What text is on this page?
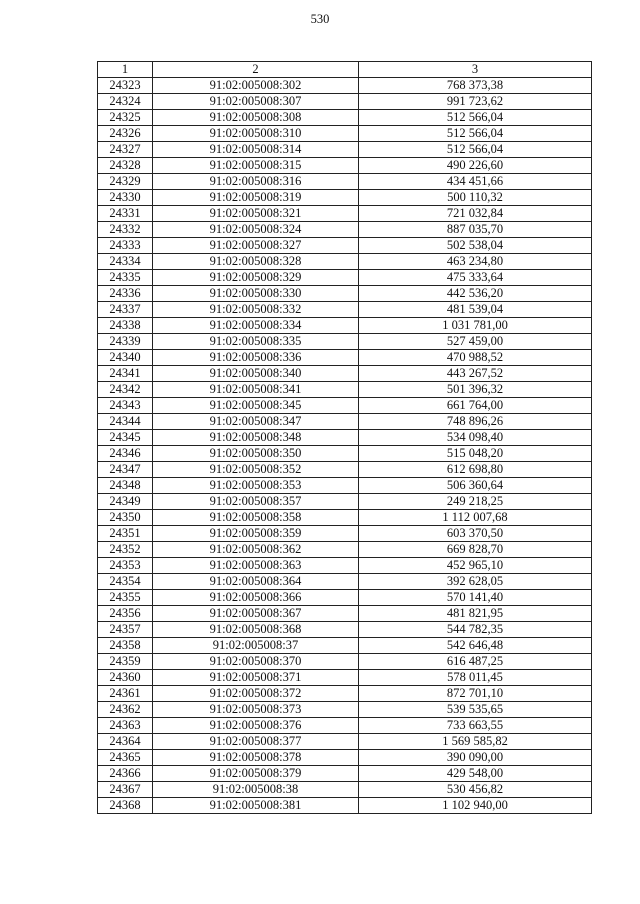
530
1	2	3
24323	91:02:005008:302	768 373,38
24324	91:02:005008:307	991 723,62
24325	91:02:005008:308	512 566,04
24326	91:02:005008:310	512 566,04
24327	91:02:005008:314	512 566,04
24328	91:02:005008:315	490 226,60
24329	91:02:005008:316	434 451,66
24330	91:02:005008:319	500 110,32
24331	91:02:005008:321	721 032,84
24332	91:02:005008:324	887 035,70
24333	91:02:005008:327	502 538,04
24334	91:02:005008:328	463 234,80
24335	91:02:005008:329	475 333,64
24336	91:02:005008:330	442 536,20
24337	91:02:005008:332	481 539,04
24338	91:02:005008:334	1 031 781,00
24339	91:02:005008:335	527 459,00
24340	91:02:005008:336	470 988,52
24341	91:02:005008:340	443 267,52
24342	91:02:005008:341	501 396,32
24343	91:02:005008:345	661 764,00
24344	91:02:005008:347	748 896,26
24345	91:02:005008:348	534 098,40
24346	91:02:005008:350	515 048,20
24347	91:02:005008:352	612 698,80
24348	91:02:005008:353	506 360,64
24349	91:02:005008:357	249 218,25
24350	91:02:005008:358	1 112 007,68
24351	91:02:005008:359	603 370,50
24352	91:02:005008:362	669 828,70
24353	91:02:005008:363	452 965,10
24354	91:02:005008:364	392 628,05
24355	91:02:005008:366	570 141,40
24356	91:02:005008:367	481 821,95
24357	91:02:005008:368	544 782,35
24358	91:02:005008:37	542 646,48
24359	91:02:005008:370	616 487,25
24360	91:02:005008:371	578 011,45
24361	91:02:005008:372	872 701,10
24362	91:02:005008:373	539 535,65
24363	91:02:005008:376	733 663,55
24364	91:02:005008:377	1 569 585,82
24365	91:02:005008:378	390 090,00
24366	91:02:005008:379	429 548,00
24367	91:02:005008:38	530 456,82
24368	91:02:005008:381	1 102 940,00
